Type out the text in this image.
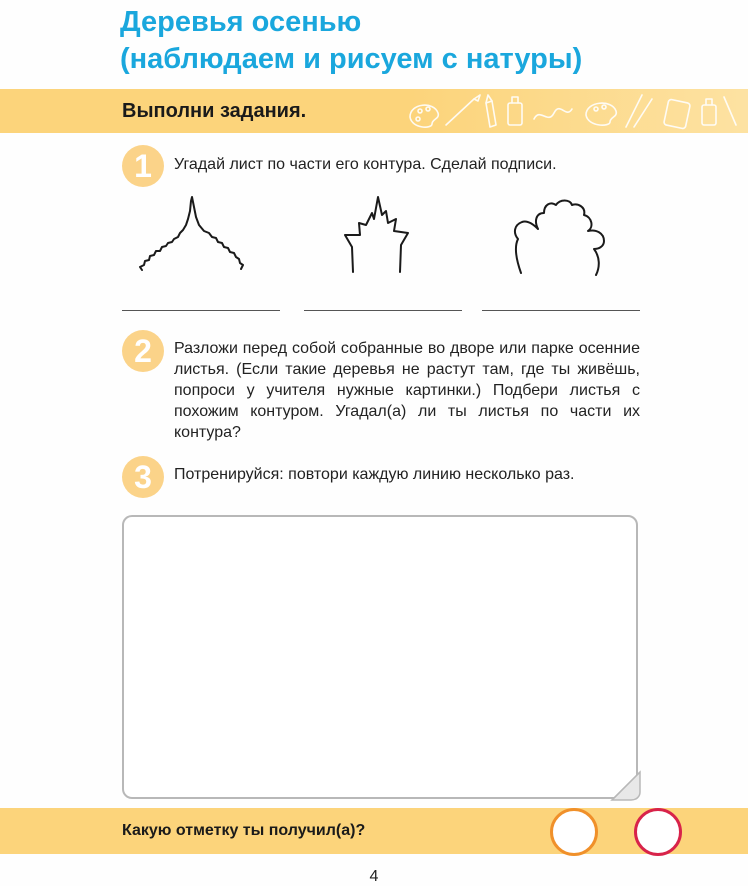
Деревья осенью
(наблюдаем и рисуем с натуры)
Выполни задания.
1	Угадай лист по части его контура. Сделай подписи.

2	Разложи перед собой собранные во дворе или парке осенние листья. (Если такие деревья не растут там, где ты живёшь, попроси у учителя нужные картинки.) Подбери листья с похожим контуром. Угадал(а) ли ты листья по части их контура?

3	Потренируйся: повтори каждую линию несколько раз.

Какую отметку ты получил(а)?
4
